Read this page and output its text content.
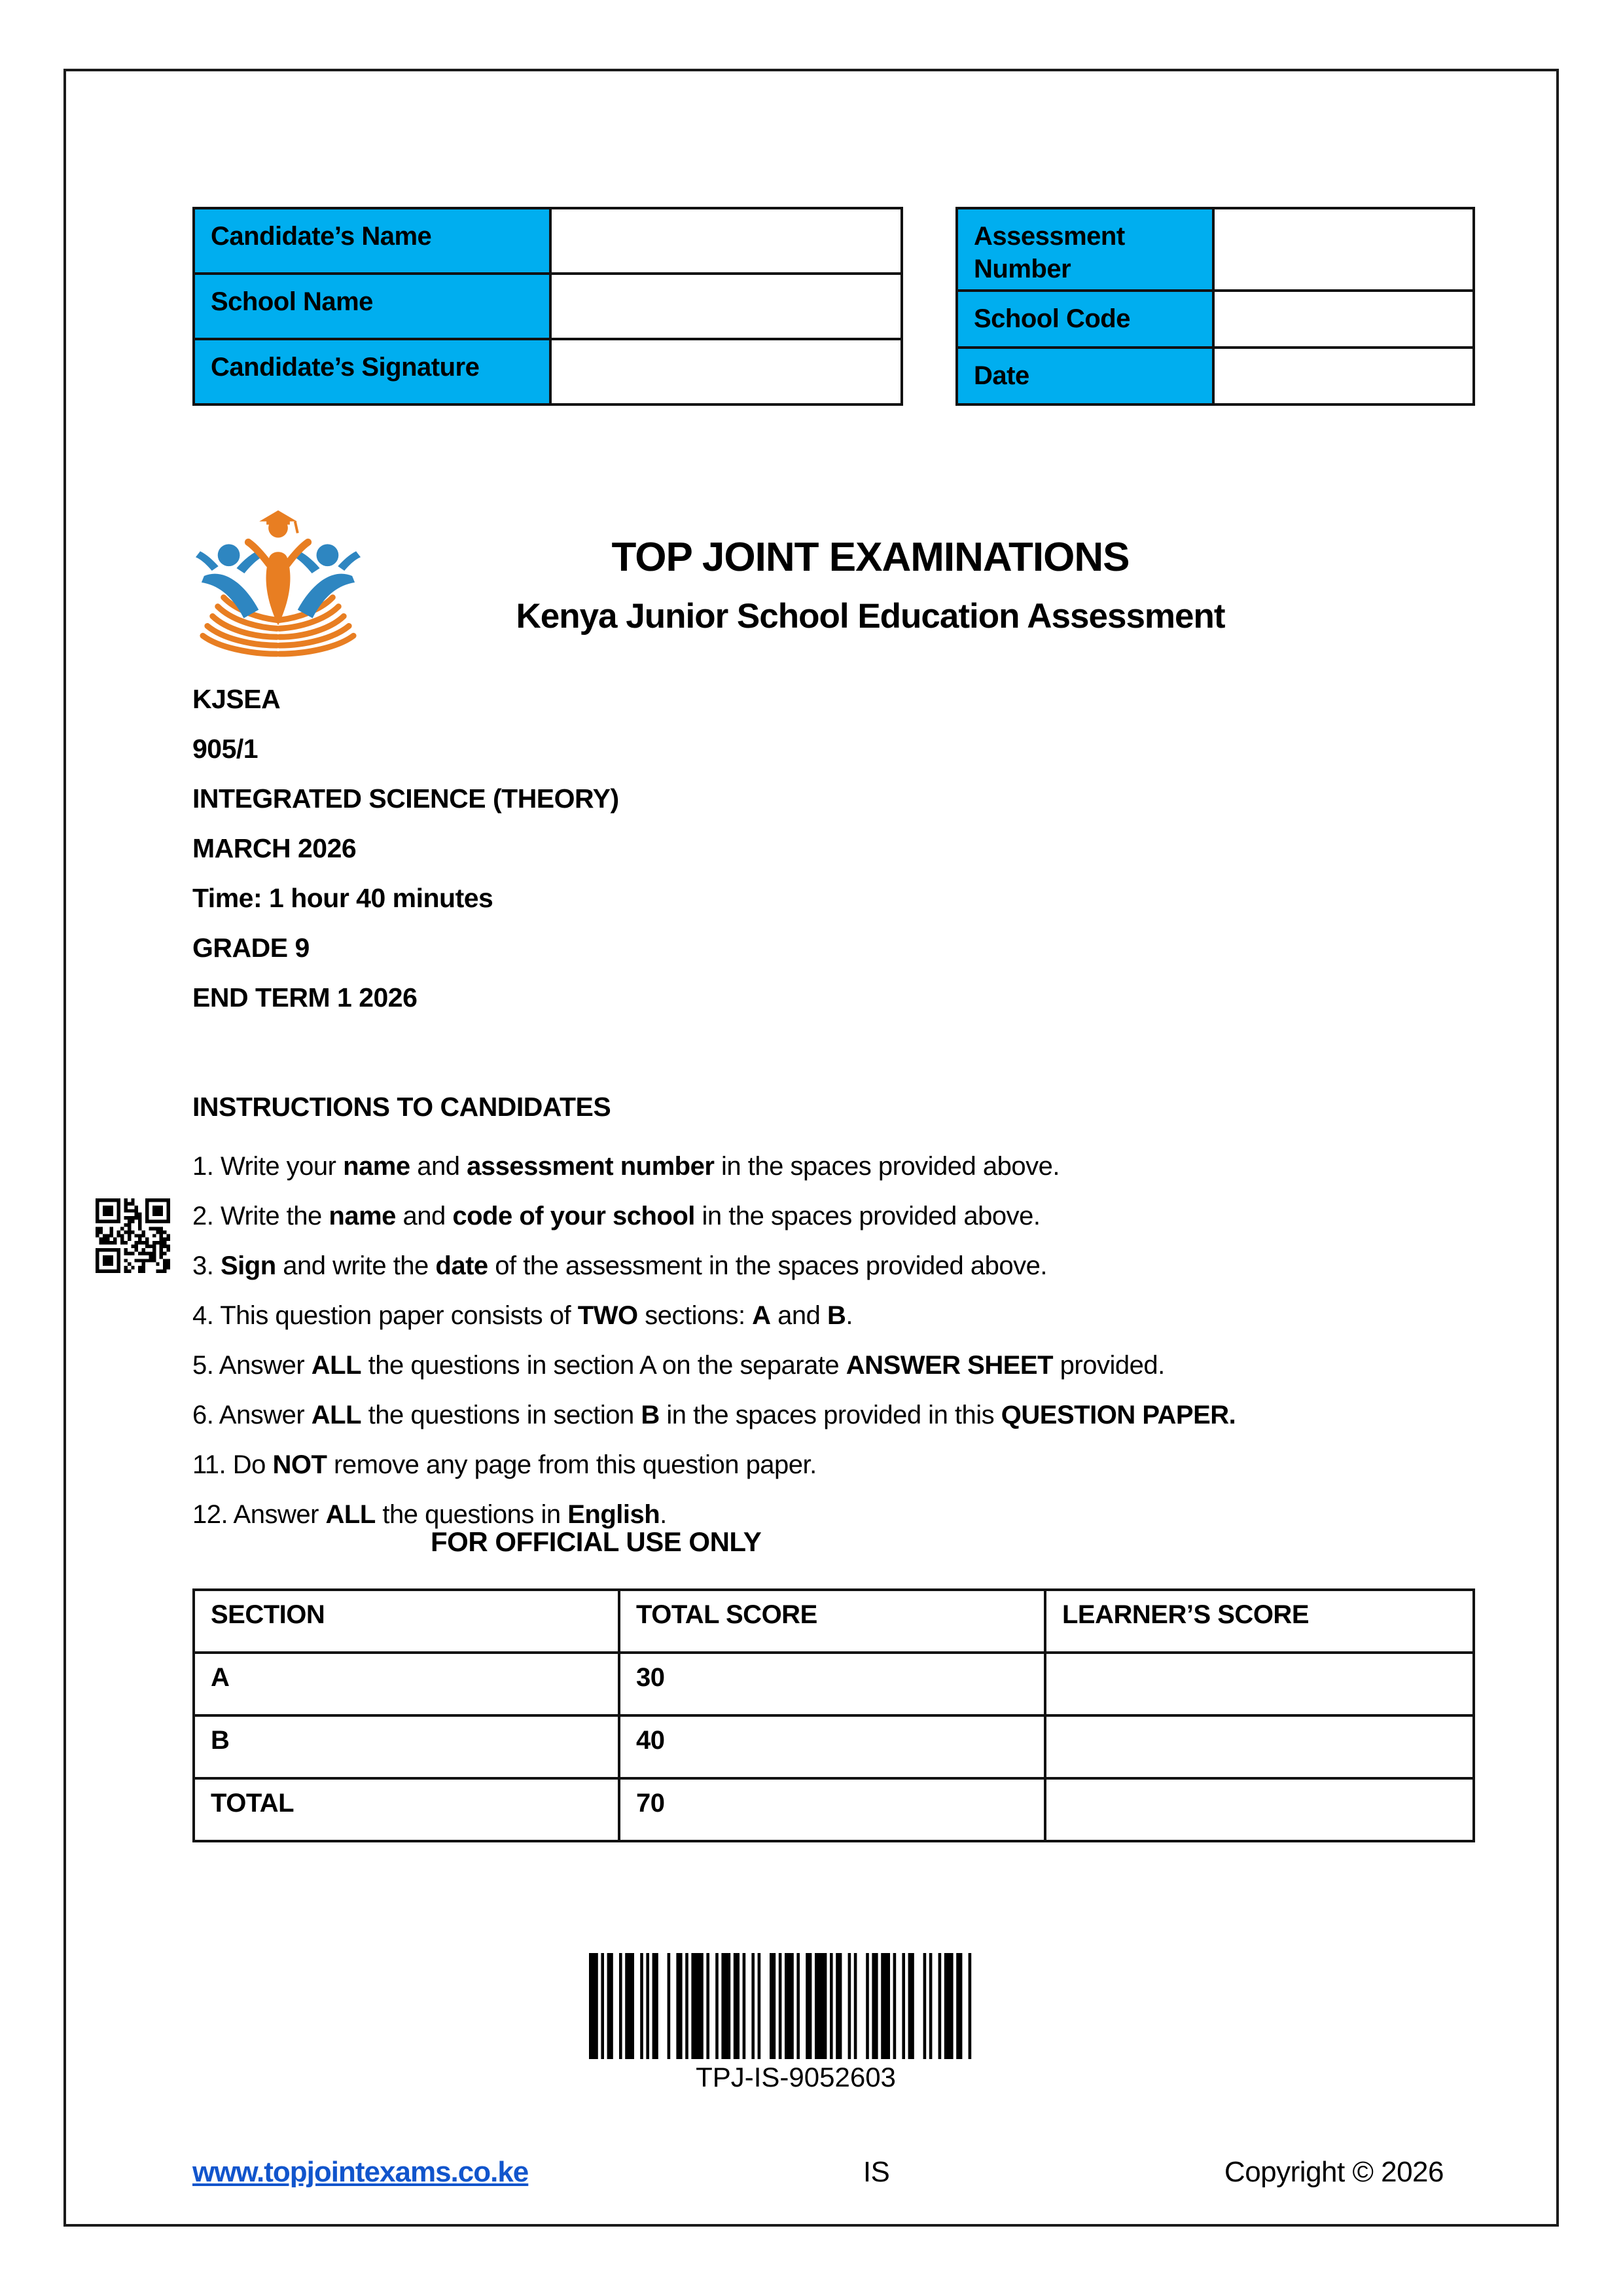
Candidate’s Name	
School Name	
Candidate’s Signature	
Assessment Number	
School Code	
Date	
TOP JOINT EXAMINATIONS
Kenya Junior School Education Assessment
KJSEA
905/1
INTEGRATED SCIENCE (THEORY)
MARCH 2026
Time: 1 hour 40 minutes
GRADE 9
END TERM 1 2026
INSTRUCTIONS TO CANDIDATES
1. Write your name and assessment number in the spaces provided above.
2. Write the name and code of your school in the spaces provided above.
3. Sign and write the date of the assessment in the spaces provided above.
4. This question paper consists of TWO sections: A and B.
5. Answer ALL the questions in section A on the separate ANSWER SHEET provided.
6. Answer ALL the questions in section B in the spaces provided in this QUESTION PAPER.
11. Do NOT remove any page from this question paper.
12. Answer ALL the questions in English.
FOR OFFICIAL USE ONLY
SECTION	TOTAL SCORE	LEARNER’S SCORE
A	30	
B	40	
TOTAL	70	
TPJ-IS-9052603
www.topjointexams.co.ke	IS	Copyright © 2026
